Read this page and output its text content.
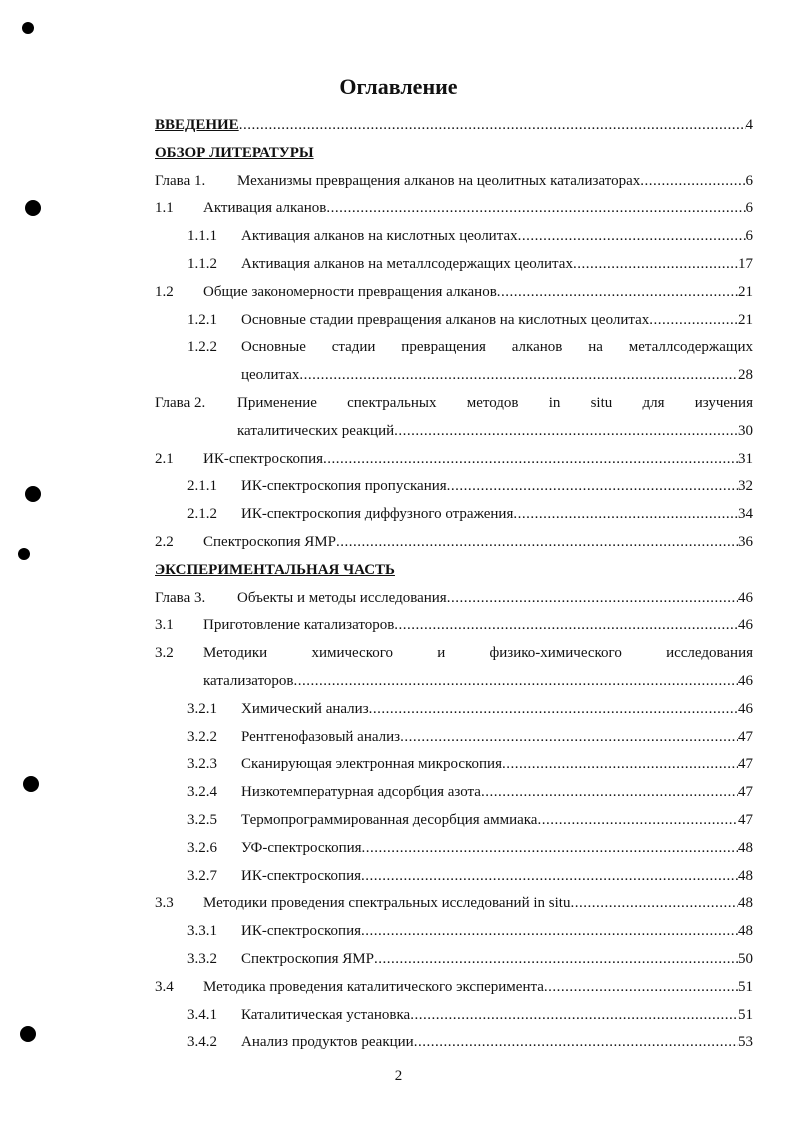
Оглавление
ВВЕДЕНИЕ .....	4
ОБЗОР ЛИТЕРАТУРЫ
Глава 1. Механизмы превращения алканов на цеолитных катализаторах .....	6
1.1 Активация алканов .....	6
1.1.1 Активация алканов на кислотных цеолитах .....	6
1.1.2 Активация алканов на металлсодержащих цеолитах .....	17
1.2 Общие закономерности превращения алканов .....	21
1.2.1 Основные стадии превращения алканов на кислотных цеолитах .....	21
1.2.2 Основные стадии превращения алканов на металлсодержащих
цеолитах .....	28
Глава 2. Применение спектральных методов in situ для изучения
каталитических реакций .....	30
2.1 ИК-спектроскопия .....	31
2.1.1 ИК-спектроскопия пропускания .....	32
2.1.2 ИК-спектроскопия диффузного отражения .....	34
2.2 Спектроскопия ЯМР .....	36
ЭКСПЕРИМЕНТАЛЬНАЯ ЧАСТЬ
Глава 3. Объекты и методы исследования .....	46
3.1 Приготовление катализаторов .....	46
3.2 Методики химического и физико-химического исследования
катализаторов .....	46
3.2.1 Химический анализ .....	46
3.2.2 Рентгенофазовый анализ .....	47
3.2.3 Сканирующая электронная микроскопия .....	47
3.2.4 Низкотемпературная адсорбция азота .....	47
3.2.5 Термопрограммированная десорбция аммиака .....	47
3.2.6 УФ-спектроскопия .....	48
3.2.7 ИК-спектроскопия .....	48
3.3 Методики проведения спектральных исследований in situ .....	48
3.3.1 ИК-спектроскопия .....	48
3.3.2 Спектроскопия ЯМР .....	50
3.4 Методика проведения каталитического эксперимента .....	51
3.4.1 Каталитическая установка .....	51
3.4.2 Анализ продуктов реакции .....	53
2
